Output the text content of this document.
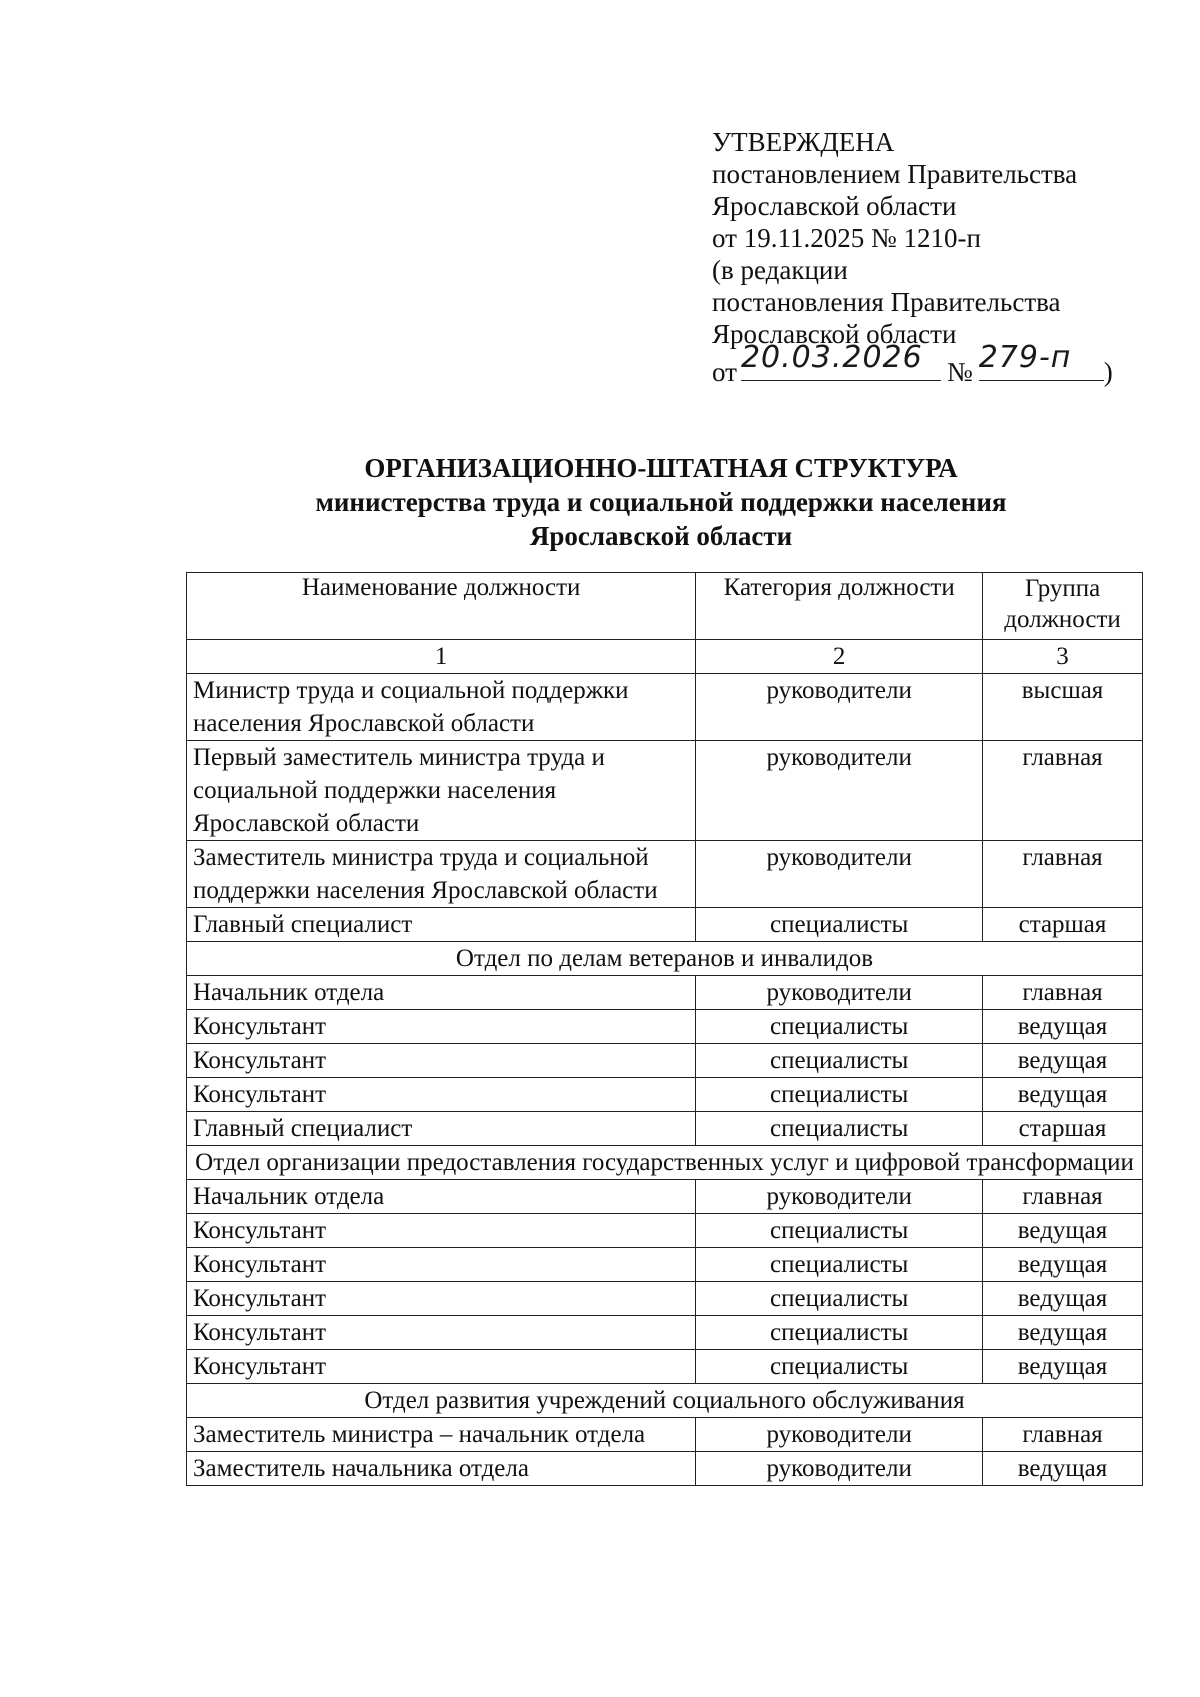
УТВЕРЖДЕНА
постановлением Правительства
Ярославской области
от 19.11.2025 № 1210-п
(в редакции
постановления Правительства
Ярославской области
от 20.03.2026 № 279-п )
ОРГАНИЗАЦИОННО-ШТАТНАЯ СТРУКТУРА
министерства труда и социальной поддержки населения
Ярославской области
Наименование должности	Категория должности	Группа должности
1	2	3
Министр труда и социальной поддержки населения Ярославской области	руководители	высшая
Первый заместитель министра труда и социальной поддержки населения Ярославской области	руководители	главная
Заместитель министра труда и социальной поддержки населения Ярославской области	руководители	главная
Главный специалист	специалисты	старшая
Отдел по делам ветеранов и инвалидов		
Начальник отдела	руководители	главная
Консультант	специалисты	ведущая
Консультант	специалисты	ведущая
Консультант	специалисты	ведущая
Главный специалист	специалисты	старшая
Отдел организации предоставления государственных услуг и цифровой трансформации		
Начальник отдела	руководители	главная
Консультант	специалисты	ведущая
Консультант	специалисты	ведущая
Консультант	специалисты	ведущая
Консультант	специалисты	ведущая
Консультант	специалисты	ведущая
Отдел развития учреждений социального обслуживания		
Заместитель министра – начальник отдела	руководители	главная
Заместитель начальника отдела	руководители	ведущая
